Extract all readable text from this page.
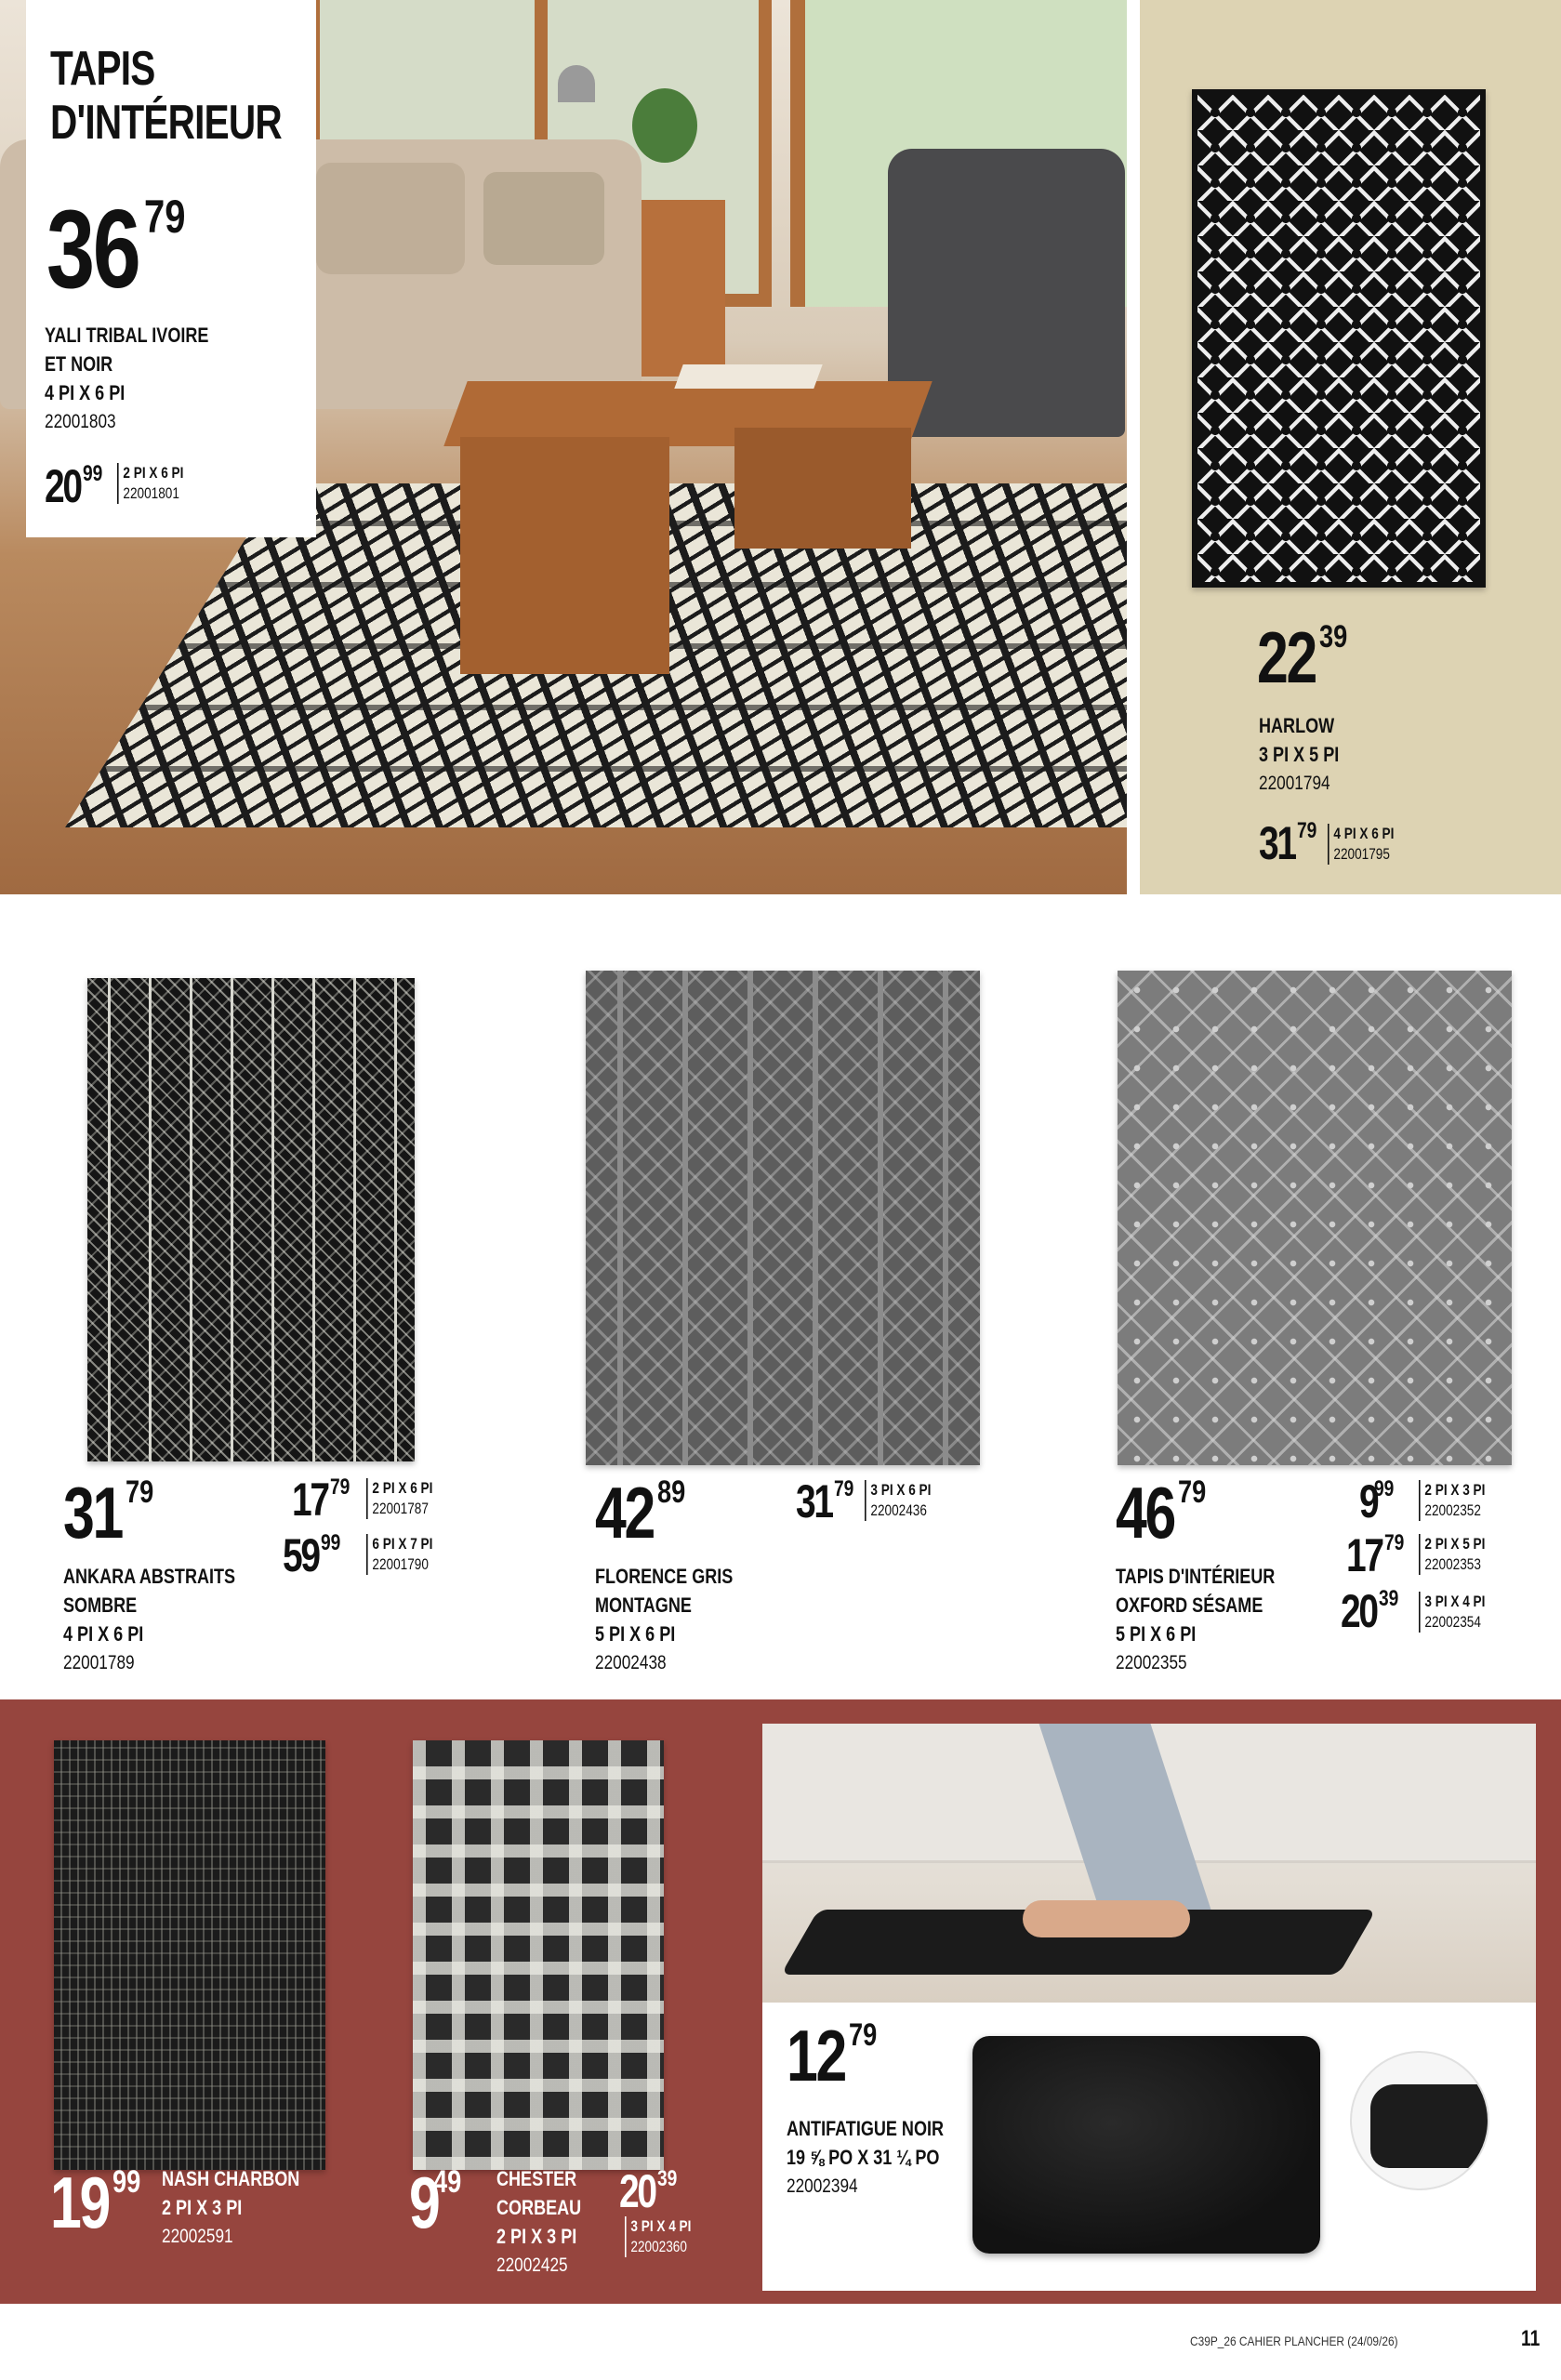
TAPIS
D'INTÉRIEUR
36 79
YALI TRIBAL IVOIRE
ET NOIR
4 PI X 6 PI
22001803
2099	2 PI X 6 PI
22001801
22 39
HARLOW
3 PI X 5 PI
22001794
3179	4 PI X 6 PI
22001795
31 79
ANKARA ABSTRAITS
SOMBRE
4 PI X 6 PI
22001789
1779	2 PI X 6 PI
22001787
5999	6 PI X 7 PI
22001790
42 89
FLORENCE GRIS
MONTAGNE
5 PI X 6 PI
22002438
3179	3 PI X 6 PI
22002436	46 79
TAPIS D'INTÉRIEUR
OXFORD SÉSAME
5 PI X 6 PI
22002355
999	2 PI X 3 PI
22002352
1779	2 PI X 5 PI
22002353
2039	3 PI X 4 PI
22002354
19 99	NASH CHARBON
2 PI X 3 PI
22002591	949	CHESTER
CORBEAU
2 PI X 3 PI
22002425
2039
3 PI X 4 PI
22002360
12 79
ANTIFATIGUE NOIR
19 ⅝ PO X 31 ¼ PO
22002394
C39P_26 CAHIER PLANCHER (24/09/26)	11
